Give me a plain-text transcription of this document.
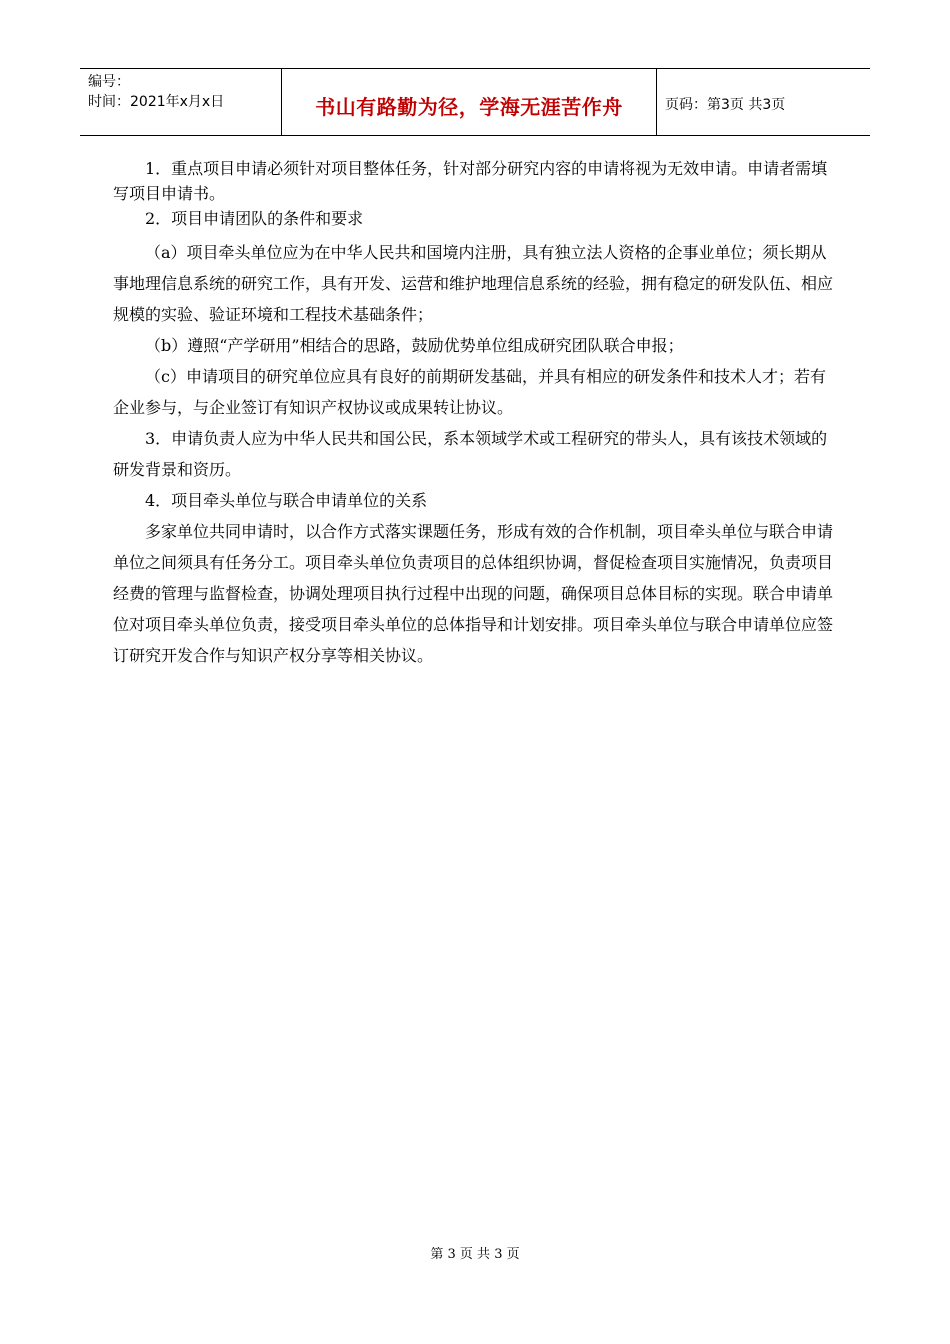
编号：
时间：2021年x月x日	书山有路勤为径，学海无涯苦作舟	页码：第3页 共3页

1．重点项目申请必须针对项目整体任务，针对部分研究内容的申请将视为无效申请。申请者需填写项目申请书。

2．项目申请团队的条件和要求

（a）项目牵头单位应为在中华人民共和国境内注册，具有独立法人资格的企事业单位；须长期从事地理信息系统的研究工作，具有开发、运营和维护地理信息系统的经验，拥有稳定的研发队伍、相应规模的实验、验证环境和工程技术基础条件；

（b）遵照“产学研用”相结合的思路，鼓励优势单位组成研究团队联合申报；

（c）申请项目的研究单位应具有良好的前期研发基础，并具有相应的研发条件和技术人才；若有企业参与，与企业签订有知识产权协议或成果转让协议。

3．申请负责人应为中华人民共和国公民，系本领域学术或工程研究的带头人，具有该技术领域的研发背景和资历。

4．项目牵头单位与联合申请单位的关系

多家单位共同申请时，以合作方式落实课题任务，形成有效的合作机制，项目牵头单位与联合申请单位之间须具有任务分工。项目牵头单位负责项目的总体组织协调，督促检查项目实施情况，负责项目经费的管理与监督检查，协调处理项目执行过程中出现的问题，确保项目总体目标的实现。联合申请单位对项目牵头单位负责，接受项目牵头单位的总体指导和计划安排。项目牵头单位与联合申请单位应签订研究开发合作与知识产权分享等相关协议。

第 3 页 共 3 页
